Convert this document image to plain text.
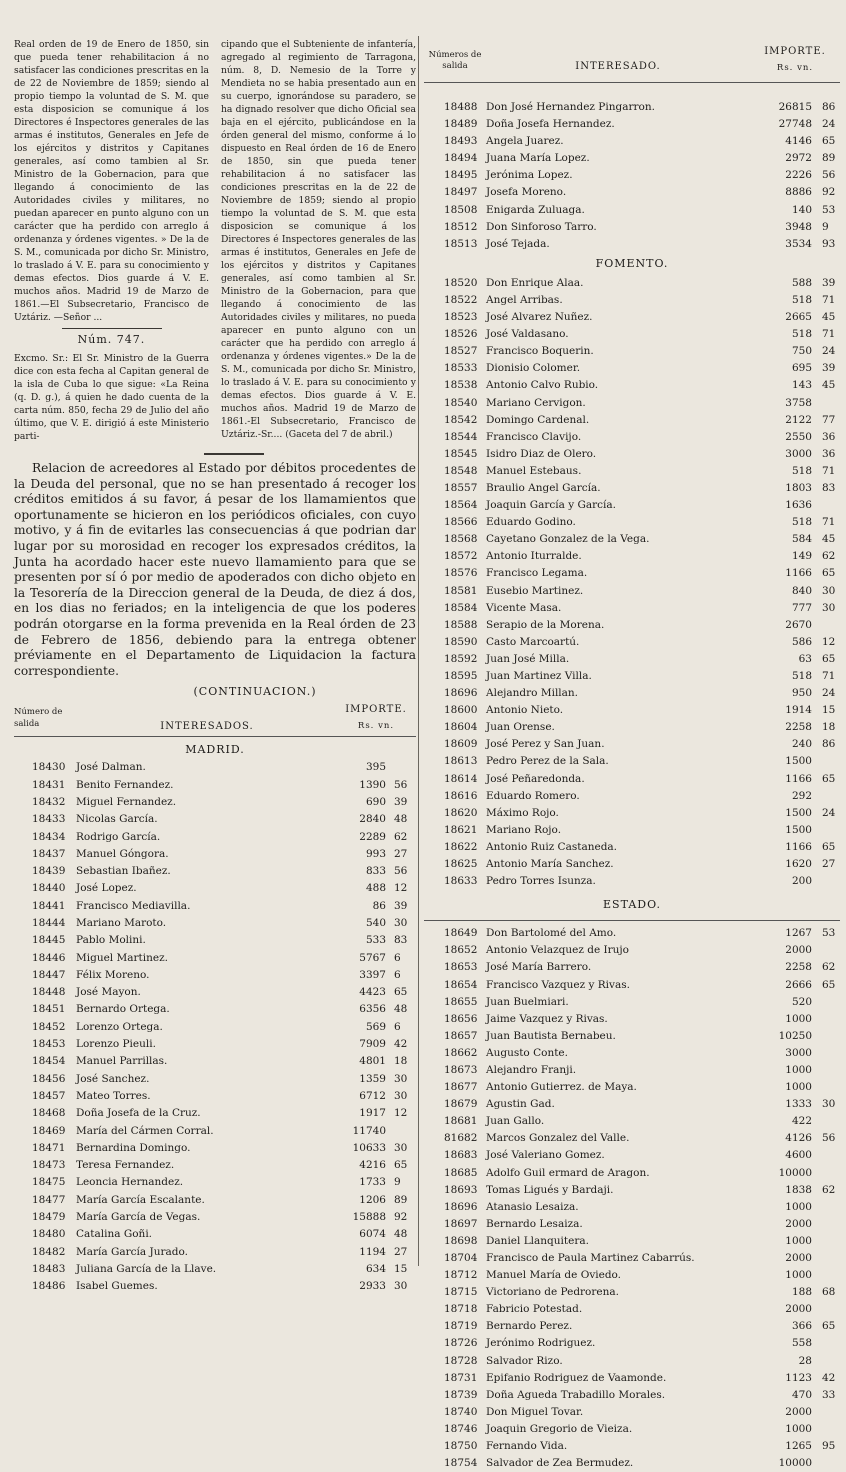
Real orden de 19 de Enero de 1850, sin que pueda tener rehabilitacion á no satisfacer las condiciones prescritas en la de 22 de Noviembre de 1859; siendo al propio tiempo la voluntad de S. M. que esta disposicion se comunique á los Directores é Inspectores generales de las armas é institutos, Generales en Jefe de los ejércitos y distritos y Capitanes generales, así como tambien al Sr. Ministro de la Gobernacion, para que llegando á conocimiento de las Autoridades civiles y militares, no puedan aparecer en punto alguno con un carácter que ha perdido con arreglo á ordenanza y órdenes vigentes. » De la de S. M., comunicada por dicho Sr. Ministro, lo traslado á V. E. para su conocimiento y demas efectos. Dios guarde á V. E. muchos años. Madrid 19 de Marzo de 1861.—El Subsecretario, Francisco de Uztáriz. —Señor ...

Núm. 747.

Excmo. Sr.: El Sr. Ministro de la Guerra dice con esta fecha al Capitan general de la isla de Cuba lo que sigue: «La Reina (q. D. g.), á quien he dado cuenta de la carta núm. 850, fecha 29 de Julio del año último, que V. E. dirigió á este Ministerio parti-

cipando que el Subteniente de infantería, agregado al regimiento de Tarragona, núm. 8, D. Nemesio de la Torre y Mendieta no se habia presentado aun en su cuerpo, ignorándose su paradero, se ha dignado resolver que dicho Oficial sea baja en el ejército, publicándose en la órden general del mismo, conforme á lo dispuesto en Real órden de 16 de Enero de 1850, sin que pueda tener rehabilitacion á no satisfacer las condiciones prescritas en la de 22 de Noviembre de 1859; siendo al propio tiempo la voluntad de S. M. que esta disposicion se comunique á los Directores é Inspectores generales de las armas é institutos, Generales en Jefe de los ejércitos y distritos y Capitanes generales, así como tambien al Sr. Ministro de la Gobernacion, para que llegando á conocimiento de las Autoridades civiles y militares, no pueda aparecer en punto alguno con un carácter que ha perdido con arreglo á ordenanza y órdenes vigentes.» De la de S. M., comunicada por dicho Sr. Ministro, lo traslado á V. E. para su conocimiento y demas efectos. Dios guarde á V. E. muchos años. Madrid 19 de Marzo de 1861.-El Subsecretario, Francisco de Uztáriz.-Sr.... (Gaceta del 7 de abril.)

Relacion de acreedores al Estado por débitos procedentes de la Deuda del personal, que no se han presentado á recoger los créditos emitidos á su favor, á pesar de los llamamientos que oportunamente se hicieron en los periódicos oficiales, con cuyo motivo, y á fin de evitarles las consecuencias á que podrian dar lugar por su morosidad en recoger los expresados créditos, la Junta ha acordado hacer este nuevo llamamiento para que se presenten por sí ó por medio de apoderados con dicho objeto en la Tesorería de la Direccion general de la Deuda, de diez á dos, en los dias no feriados; en la inteligencia de que los poderes podrán otorgarse en la forma prevenida en la Real órden de 23 de Febrero de 1856, debiendo para la entrega obtener préviamente en el Departamento de Liquidacion la factura correspondiente.

(CONTINUACION.)
Número de salida	INTERESADOS.
IMPORTE.
Rs. vn.
MADRID.
18430	José Dalman.	395
18431	Benito Fernandez.	1390 56
18432	Miguel Fernandez.	690 39
18433	Nicolas García.	2840 48
18434	Rodrigo García.	2289 62
18437	Manuel Góngora.	993 27
18439	Sebastian Ibañez.	833 56
18440	José Lopez.	488 12
18441	Francisco Mediavilla.	86 39
18444	Mariano Maroto.	540 30
18445	Pablo Molini.	533 83
18446	Miguel Martinez.	5767 6
18447	Félix Moreno.	3397 6
18448	José Mayon.	4423 65
18451	Bernardo Ortega.	6356 48
18452	Lorenzo Ortega.	569 6
18453	Lorenzo Pieuli.	7909 42
18454	Manuel Parrillas.	4801 18
18456	José Sanchez.	1359 30
18457	Mateo Torres.	6712 30
18468	Doña Josefa de la Cruz.	1917 12
18469	María del Cármen Corral.	11740
18471	Bernardina Domingo.	10633 30
18473	Teresa Fernandez.	4216 65
18475	Leoncia Hernandez.	1733 9
18477	María García Escalante.	1206 89
18479	María García de Vegas.	15888 92
18480	Catalina Goñi.	6074 48
18482	María García Jurado.	1194 27
18483	Juliana García de la Llave.	634 15
18486	Isabel Guemes.	2933 30
Números de salida	INTERESADO.
IMPORTE.
Rs. vn.
18488 Don José Hernandez Pingarron.	26815 86
18489 Doña Josefa Hernandez.	27748 24
18493 Angela Juarez.	4146 65
18494 Juana María Lopez.	2972 89
18495 Jerónima Lopez.	2226 56
18497 Josefa Moreno.	8886 92
18508 Enigarda Zuluaga.	140 53
18512 Don Sinforoso Tarro.	3948 9
18513 José Tejada.	3534 93
FOMENTO.
18520 Don Enrique Alaa.	588 39
18522 Angel Arribas.	518 71
18523 José Alvarez Nuñez.	2665 45
18526 José Valdasano.	518 71
18527 Francisco Boquerin.	750 24
18533 Dionisio Colomer.	695 39
18538 Antonio Calvo Rubio.	143 45
18540 Mariano Cervigon.	3758
18542 Domingo Cardenal.	2122 77
18544 Francisco Clavijo.	2550 36
18545 Isidro Diaz de Olero.	3000 36
18548 Manuel Estebaus.	518 71
18557 Braulio Angel García.	1803 83
18564 Joaquin García y García.	1636
18566 Eduardo Godino.	518 71
18568 Cayetano Gonzalez de la Vega.	584 45
18572 Antonio Iturralde.	149 62
18576 Francisco Legama.	1166 65
18581 Eusebio Martinez.	840 30
18584 Vicente Masa.	777 30
18588 Serapio de la Morena.	2670
18590 Casto Marcoartú.	586 12
18592 Juan José Milla.	63 65
18595 Juan Martinez Villa.	518 71
18696 Alejandro Millan.	950 24
18600 Antonio Nieto.	1914 15
18604 Juan Orense.	2258 18
18609 José Perez y San Juan.	240 86
18613 Pedro Perez de la Sala.	1500
18614 José Peñaredonda.	1166 65
18616 Eduardo Romero.	292
18620 Máximo Rojo.	1500 24
18621 Mariano Rojo.	1500
18622 Antonio Ruiz Castaneda.	1166 65
18625 Antonio María Sanchez.	1620 27
18633 Pedro Torres Isunza.	200
ESTADO.
18649 Don Bartolomé del Amo.	1267 53
18652 Antonio Velazquez de Irujo	2000
18653 José María Barrero.	2258 62
18654 Francisco Vazquez y Rivas.	2666 65
18655 Juan Buelmiari.	520
18656 Jaime Vazquez y Rivas.	1000
18657 Juan Bautista Bernabeu.	10250
18662 Augusto Conte.	3000
18673 Alejandro Franji.	1000
18677 Antonio Gutierrez. de Maya.	1000
18679 Agustin Gad.	1333 30
18681 Juan Gallo.	422
81682 Marcos Gonzalez del Valle.	4126 56
18683 José Valeriano Gomez.	4600
18685 Adolfo Guil ermard de Aragon.	10000
18693 Tomas Ligués y Bardaji.	1838 62
18696 Atanasio Lesaiza.	1000
18697 Bernardo Lesaiza.	2000
18698 Daniel Llanquitera.	1000
18704 Francisco de Paula Martinez Cabarrús.	2000
18712 Manuel María de Oviedo.	1000
18715 Victoriano de Pedrorena.	188 68
18718 Fabricio Potestad.	2000
18719 Bernardo Perez.	366 65
18726 Jerónimo Rodriguez.	558
18728 Salvador Rizo.	28
18731 Epifanio Rodriguez de Vaamonde.	1123 42
18739 Doña Agueda Trabadillo Morales.	470 33
18740 Don Miguel Tovar.	2000
18746 Joaquin Gregorio de Vieiza.	1000
18750 Fernando Vida.	1265 95
18754 Salvador de Zea Bermudez.	10000
